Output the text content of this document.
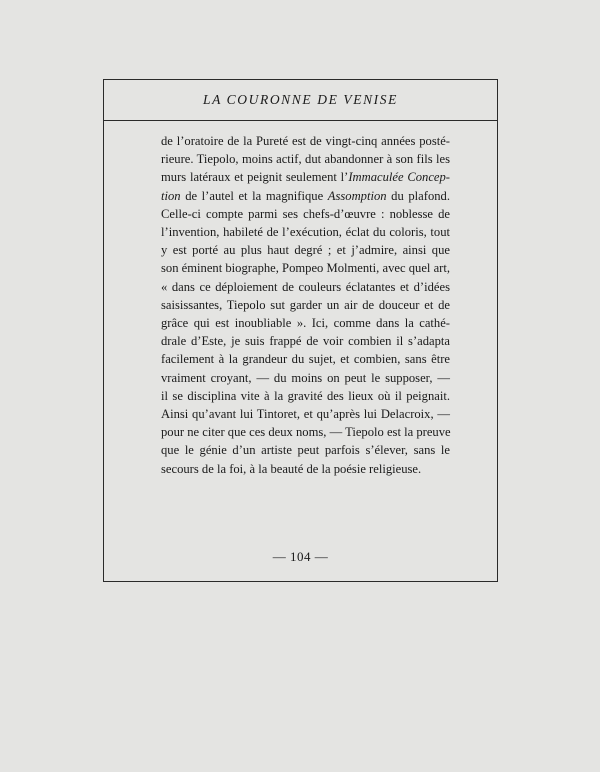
LA COURONNE DE VENISE
de l’oratoire de la Pureté est de vingt-cinq années posté-
rieure. Tiepolo, moins actif, dut abandonner à son fils les
murs latéraux et peignit seulement l’Immaculée Concep-
tion de l’autel et la magnifique Assomption du plafond.
Celle-ci compte parmi ses chefs-d’œuvre : noblesse de
l’invention, habileté de l’exécution, éclat du coloris, tout
y est porté au plus haut degré ; et j’admire, ainsi que
son éminent biographe, Pompeo Molmenti, avec quel art,
« dans ce déploiement de couleurs éclatantes et d’idées
saisissantes, Tiepolo sut garder un air de douceur et de
grâce qui est inoubliable ». Ici, comme dans la cathé-
drale d’Este, je suis frappé de voir combien il s’adapta
facilement à la grandeur du sujet, et combien, sans être
vraiment croyant, — du moins on peut le supposer, —
il se disciplina vite à la gravité des lieux où il peignait.
Ainsi qu’avant lui Tintoret, et qu’après lui Delacroix, —
pour ne citer que ces deux noms, — Tiepolo est la preuve
que le génie d’un artiste peut parfois s’élever, sans le
secours de la foi, à la beauté de la poésie religieuse.
— 104 —
